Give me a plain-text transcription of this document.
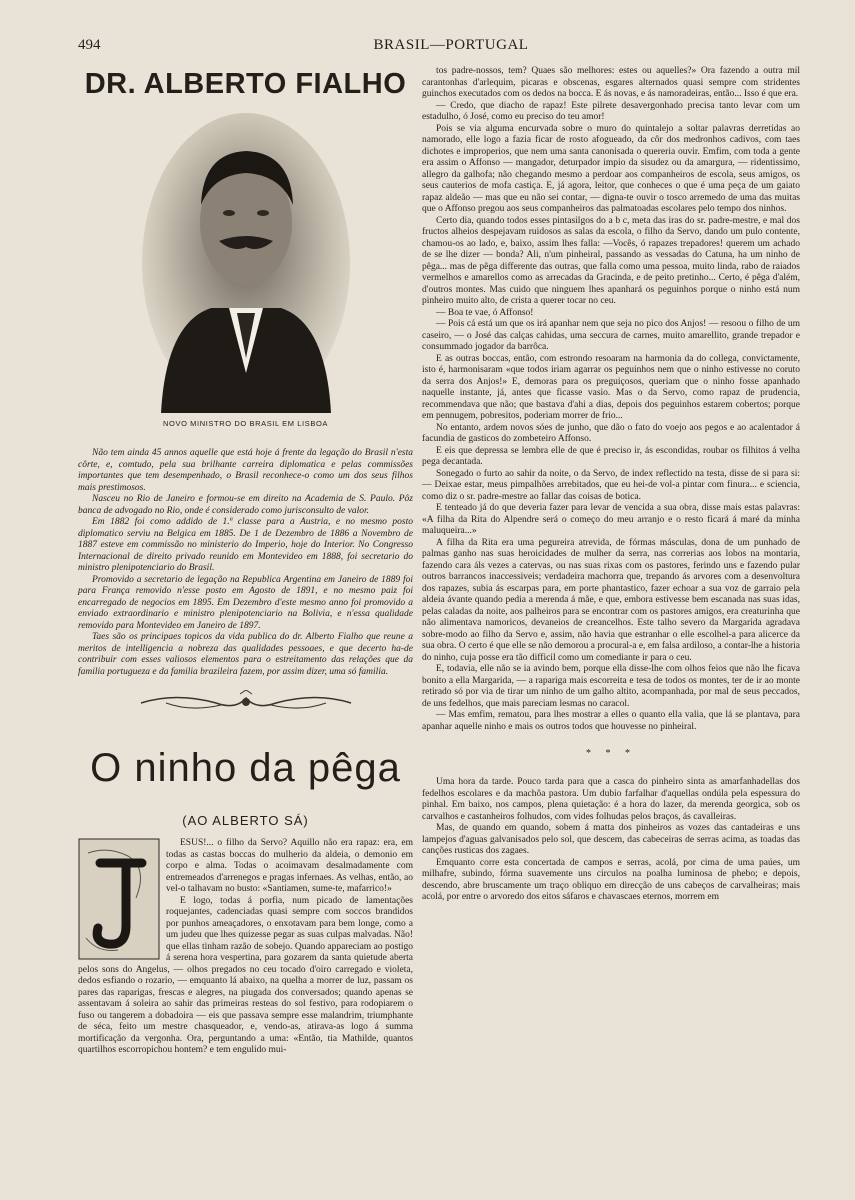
494	BRASIL—PORTUGAL
DR. ALBERTO FIALHO
NOVO MINISTRO DO BRASIL EM LISBOA

Não tem ainda 45 annos aquelle que está hoje á frente da legação do Brasil n'esta côrte, e, comtudo, pela sua brilhante carreira diplomatica e pelas commissões importantes que tem desempenhado, o Brasil reconhece-o como um dos seus filhos mais prestimosos.

Nasceu no Rio de Janeiro e formou-se em direito na Academia de S. Paulo. Pôz banca de advogado no Rio, onde é considerado como jurisconsulto de valor.

Em 1882 foi como addido de 1.ª classe para a Austria, e no mesmo posto diplomatico serviu na Belgica em 1885. De 1 de Dezembro de 1886 a Novembro de 1887 esteve em commissão no ministerio do Imperio, hoje do Interior. No Congresso Internacional de direito privado reunido em Montevideo em 1888, foi secretario do ministro plenipotenciario do Brasil.

Promovido a secretario de legação na Republica Argentina em Janeiro de 1889 foi para França removido n'esse posto em Agosto de 1891, e no mesmo paiz foi encarregado de negocios em 1895. Em Dezembro d'este mesmo anno foi promovido a enviado extraordinario e ministro plenipotenciario na Bolivia, e n'essa qualidade removido para Montevideo em Janeiro de 1897.

Taes são os principaes topicos da vida publica do dr. Alberto Fialho que reune a meritos de intelligencia a nobreza das qualidades pessoaes, e que decerto ha-de contribuir com esses valiosos elementos para o estreitamento das relações que da familia portugueza e da familia brazileira fazem, por assim dizer, uma só familia.

O ninho da pêga
(AO ALBERTO SÁ)

ESUS!... o filho da Servo? Aquillo não era rapaz: era, em todas as castas boccas do mulherio da aldeia, o demonio em corpo e alma. Todas o acoimavam desalmadamente com entremeados d'arrenegos e pragas infernaes. As velhas, então, ao vel-o talhavam no busto: «Santiamen, sume-te, mafarrico!»

E logo, todas á porfia, num picado de lamentações roquejantes, cadenciadas quasi sempre com soccos brandidos por punhos ameaçadores, o enxotavam para bem longe, como a um judeu que lhes quizesse pegar as suas culpas malvadas. Não! que ellas tinham razão de sobejo. Quando appareciam ao postigo á serena hora vespertina, para gozarem da santa quietude aberta pelos sons do Angelus, — olhos pregados no ceu tocado d'oiro carregado e violeta, dedos esfiando o rozario, — emquanto lá abaixo, na quelha a morrer de luz, passam os pares das raparigas, frescas e alegres, na piugada dos conversados; quando apenas se assentavam á soleira ao sahir das primeiras resteas do sol festivo, para rodopiarem o fuso ou tangerem a dobadoira — eis que passava sempre esse malandrim, triumphante de séca, feito um mestre chasqueador, e, vendo-as, atirava-as logo á summa mortificação da vergonha. Ora, perguntando a uma: «Então, tia Mathilde, quantos quartilhos escorropichou hontem? e tem engulido mui-

tos padre-nossos, tem? Quaes são melhores: estes ou aquelles?» Ora fazendo a outra mil carantonhas d'arlequim, picaras e obscenas, esgares alternados quasi sempre com stridentes guinchos executados com os dedos na bocca. E ás novas, e ás namoradeiras, então... Isso é que era.

— Credo, que diacho de rapaz! Este pilrete desavergonhado precisa tanto levar com um estadulho, ó José, como eu preciso do teu amor!

Pois se via alguma encurvada sobre o muro do quintalejo a soltar palavras derretidas ao namorado, elle logo a fazia ficar de rosto afogueado, da côr dos medronhos cadivos, com taes dichotes e improperios, que nem uma santa canonisada o quereria ouvir. Emfim, com toda a gente era assim o Affonso — mangador, deturpador impio da sisudez ou da amargura, — ridentissimo, allegro da galhofa; não chegando mesmo a perdoar aos companheiros de escola, seus amigos, os seus cauterios de mofa castiça. E, já agora, leitor, que conheces o que é uma peça de um gaiato rapaz aldeão — mas que eu não sei contar, — digna-te ouvir o tosco arremedo de uma das muitas que o Affonso pregou aos seus companheiros das palmatoadas escolares pelo tempo dos ninhos.

Certo dia, quando todos esses pintasilgos do a b c, meta das iras do sr. padre-mestre, e mal dos fructos alheios despejavam ruidosos as salas da escola, o filho da Servo, dando um pulo contente, chamou-os ao lado, e, baixo, assim lhes falla: —Vocês, ó rapazes trepadores! querem um achado de se lhe dizer — bonda? Ali, n'um pinheiral, passando as vessadas do Catuna, ha um ninho de pêga... mas de pêga differente das outras, que falla como uma pessoa, muito linda, rabo de raiados vermelhos e amarellos como as arrecadas da Gracinda, e de peito pretinho... Certo, é pêga d'além, d'outros montes. Mas cuido que ninguem lhes apanhará os peguinhos porque o ninho está num pinheiro muito alto, de crista a querer tocar no ceu.

— Boa te vae, ó Affonso!

— Pois cá está um que os irá apanhar nem que seja no pico dos Anjos! — resoou o filho de um caseiro, — o José das calças cahidas, uma seccura de carnes, muito amarellito, grande trepador e consummado jogador da barrôca.

E as outras boccas, então, com estrondo resoaram na harmonia da do collega, convictamente, isto é, harmonisaram «que todos iriam agarrar os peguinhos nem que o ninho estivesse no coruto da serra dos Anjos!» E, demoras para os preguiçosos, queriam que o ninho fosse apanhado naquelle instante, já, antes que ficasse vasio. Mas o da Servo, como rapaz de prudencia, recommendava que não; que bastava d'ahi a dias, depois dos peguinhos estarem cobertos; porque em pennugem, pobresitos, poderiam morrer de frio...

No entanto, ardem novos sóes de junho, que dão o fato do voejo aos pegos e ao acalentador á facundia de gasticos do zombeteiro Affonso.

E eis que depressa se lembra elle de que é preciso ir, ás escondidas, roubar os filhitos á velha pega decantada.

Sonegado o furto ao sahir da noite, o da Servo, de index reflectido na testa, disse de si para si: — Deixae estar, meus pimpalhões arrebitados, que eu hei-de vol-a pintar com finura... e sciencia, como diz o sr. padre-mestre ao fallar das coisas de botica.

E tenteado já do que deveria fazer para levar de vencida a sua obra, disse mais estas palavras: «A filha da Rita do Alpendre será o começo do meu arranjo e o resto ficará á maré da minha maluqueira...»

A filha da Rita era uma pegureira atrevida, de fórmas másculas, dona de um punhado de palmas ganho nas suas heroicidades de mulher da serra, nas correrias aos lobos na montaria, fazendo cara áls vezes a catervas, ou nas suas rixas com os pastores, ferindo uns e fazendo pular outros barrancos inaccessiveis; verdadeira machorra que, trepando ás arvores com a desenvoltura dos rapazes, subia ás escarpas para, em porte phantastico, fazer echoar a sua voz de garraio pela aldeia ávante quando pedia a merenda á mãe, e que, embora estivesse bem escanada nas suas idas, pelas caladas da noite, aos palheiros para se encontrar com os pastores amigos, era creaturinha que não alimentava namoricos, devaneios de creancelhos. Este talho severo da Margarida agradava sobre-modo ao filho da Servo e, assim, não havia que estranhar o elle escolhel-a para alicerce da sua obra. O certo é que elle se não demorou a procural-a e, em falsa ardiloso, a contar-lhe a historia do ninho, cuja posse era tão difficil como um comediante ir para o ceu.

E, todavia, elle não se ia avindo bem, porque ella disse-lhe com olhos feios que não lhe ficava bonito a ella Margarida, — a rapariga mais escorreita e tesa de todos os montes, ter de ir ao monte retirado só por via de tirar um ninho de um galho altito, acompanhada, por mal de seus peccados, de uns fedelhos, que mais pareciam lesmas no caracol.

— Mas emfim, rematou, para lhes mostrar a elles o quanto ella valia, que lá se plantava, para apanhar aquelle ninho e mais os outros todos que houvesse no pinheiral.

* * *

Uma hora da tarde. Pouco tarda para que a casca do pinheiro sinta as amarfanhadellas dos fedelhos escolares e da machôa pastora. Um dubio farfalhar d'aquellas ondúla pela espessura do pinhal. Em baixo, nos campos, plena quietação: é a hora do lazer, da merenda georgica, sob os carvalhos e castanheiros folhudos, com vides folhudas pelos braços, ás cavalleiras.

Mas, de quando em quando, sobem á matta dos pinheiros as vozes das cantadeiras e uns lampejos d'aguas galvanisados pelo sol, que descem, das cabeceiras de serras acima, as toadas das canções rusticas dos zagaes.

Emquanto corre esta concertada de campos e serras, acolá, por cima de uma paúes, um milhafre, subindo, fórma suavemente uns circulos na poalha luminosa de phebo; e depois, descendo, abre bruscamente um traço obliquo em direcção de uns cabeços de carvalheiras; mais acolá, por entre o arvoredo dos eitos sáfaros e chavascaes eternos, morrem em
